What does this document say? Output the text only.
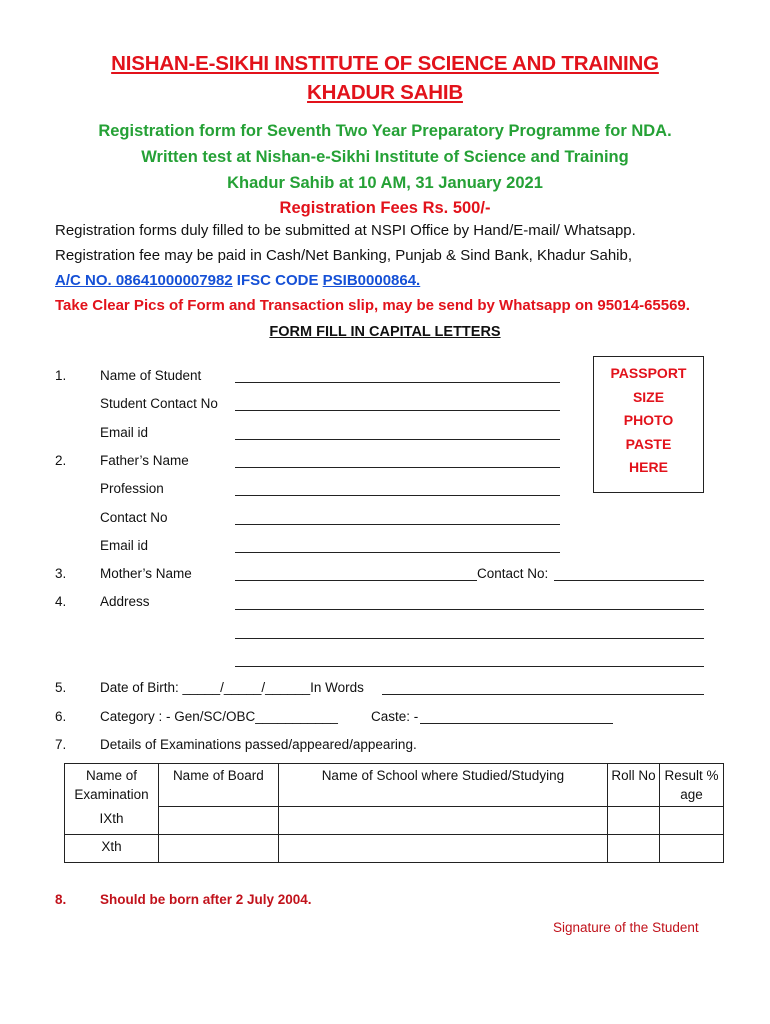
NISHAN-E-SIKHI INSTITUTE OF SCIENCE AND TRAINING
KHADUR SAHIB
Registration form for Seventh Two Year Preparatory Programme for NDA.
Written test at Nishan-e-Sikhi Institute of Science and Training
Khadur Sahib at 10 AM, 31 January 2021
Registration Fees Rs. 500/-
Registration forms duly filled to be submitted at NSPI Office by Hand/E-mail/ Whatsapp.
Registration fee may be paid in Cash/Net Banking, Punjab & Sind Bank, Khadur Sahib,
A/C NO. 08641000007982 IFSC CODE PSIB0000864.
Take Clear Pics of Form and Transaction slip, may be send by Whatsapp on 95014-65569.
FORM FILL IN CAPITAL LETTERS
PASSPORT
SIZE
PHOTO
PASTE
HERE
1. Name of Student
Student Contact No
Email id
2. Father’s Name
Profession
Contact No
Email id
3. Mother’s Name	Contact No:
4. Address
5. Date of Birth: _____/_____/______In Words
6. Category : - Gen/SC/OBC___________ Caste: -
7. Details of Examinations passed/appeared/appearing.
Name of Examination	Name of Board	Name of School where Studied/Studying	Roll No	Result % age
IXth				
Xth				
8. Should be born after 2 July 2004.
Signature of the Student
